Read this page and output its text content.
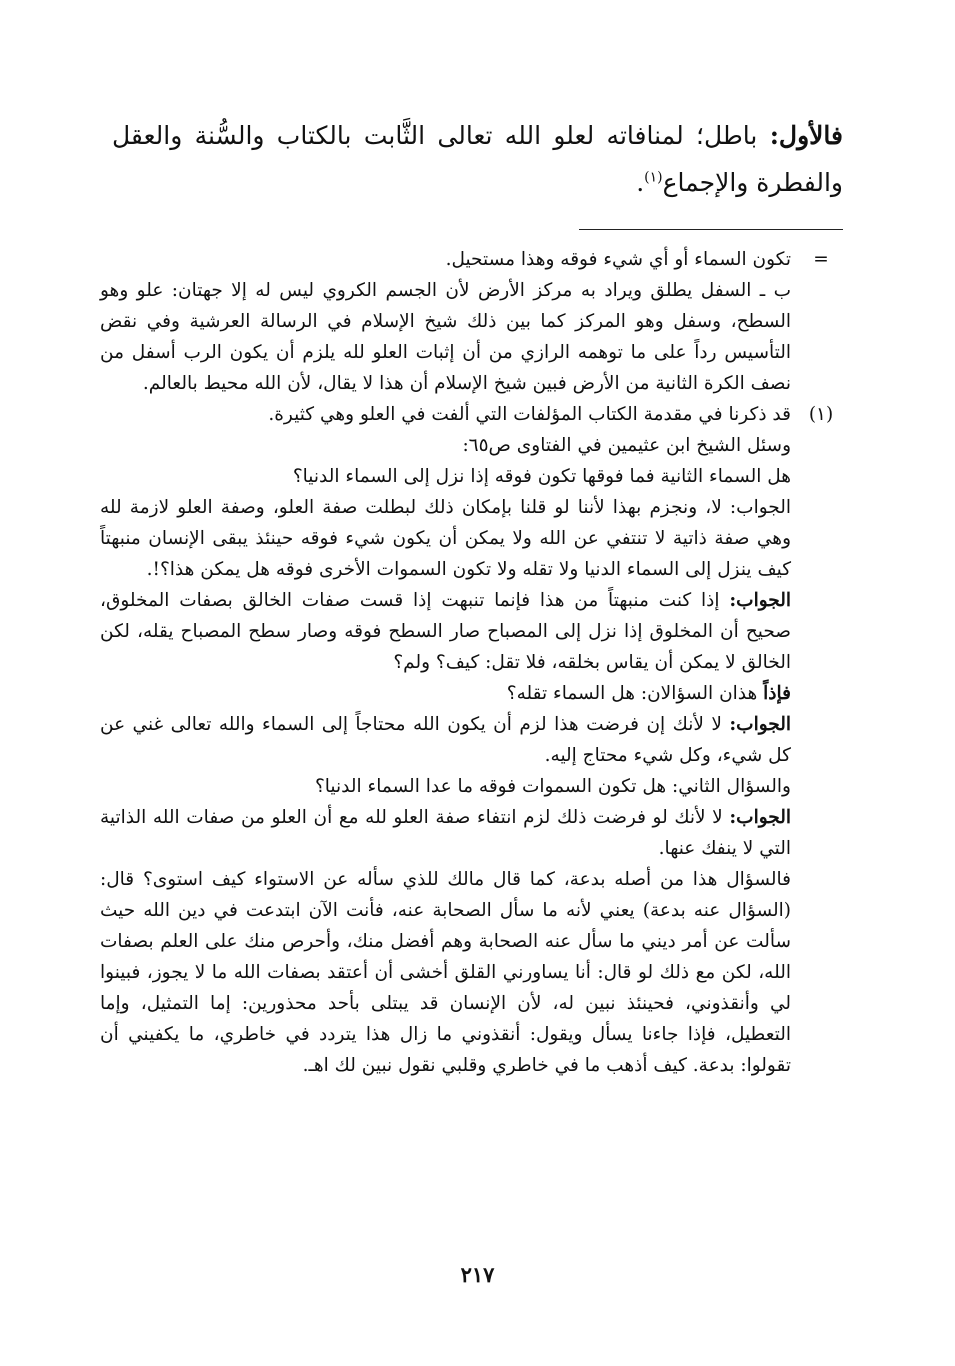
فالأول: باطل؛ لمنافاته لعلو الله تعالى الثَّابت بالكتاب والسُّنة والعقل والفطرة والإجماع$^{(١)}$.
=
تكون السماء أو أي شيء فوقه وهذا مستحيل.
ب ـ السفل يطلق ويراد به مركز الأرض لأن الجسم الكروي ليس له إلا جهتان: علو وهو السطح، وسفل وهو المركز كما بين ذلك شيخ الإسلام في الرسالة العرشية وفي نقض التأسيس رداً على ما توهمه الرازي من أن إثبات العلو لله يلزم أن يكون الرب أسفل من نصف الكرة الثانية من الأرض فبين شيخ الإسلام أن هذا لا يقال، لأن الله محيط بالعالم.
(١)
قد ذكرنا في مقدمة الكتاب المؤلفات التي ألفت في العلو وهي كثيرة.
وسئل الشيخ ابن عثيمين في الفتاوى ص٦٥:
هل السماء الثانية فما فوقها تكون فوقه إذا نزل إلى السماء الدنيا؟
الجواب: لا، ونجزم بهذا لأننا لو قلنا بإمكان ذلك لبطلت صفة العلو، وصفة العلو لازمة لله وهي صفة ذاتية لا تنتفي عن الله ولا يمكن أن يكون شيء فوقه حينئذ يبقى الإنسان منبهتاً كيف ينزل إلى السماء الدنيا ولا تقله ولا تكون السموات الأخرى فوقه هل يمكن هذا؟!.
الجواب: إذا كنت منبهتاً من هذا فإنما تنبهت إذا قست صفات الخالق بصفات المخلوق، صحيح أن المخلوق إذا نزل إلى المصباح صار السطح فوقه وصار سطح المصباح يقله، لكن الخالق لا يمكن أن يقاس بخلقه، فلا تقل: كيف؟ ولم؟
فإذاً هذان السؤالان: هل السماء تقله؟
الجواب: لا لأنك إن فرضت هذا لزم أن يكون الله محتاجاً إلى السماء والله تعالى غني عن كل شيء، وكل شيء محتاج إليه.
والسؤال الثاني: هل تكون السموات فوقه ما عدا السماء الدنيا؟
الجواب: لا لأنك لو فرضت ذلك لزم انتفاء صفة العلو لله مع أن العلو من صفات الله الذاتية التي لا ينفك عنها.
فالسؤال هذا من أصله بدعة، كما قال مالك للذي سأله عن الاستواء كيف استوى؟ قال: (السؤال عنه بدعة) يعني لأنه ما سأل الصحابة عنه، فأنت الآن ابتدعت في دين الله حيث سألت عن أمر ديني ما سأل عنه الصحابة وهم أفضل منك، وأحرص منك على العلم بصفات الله، لكن مع ذلك لو قال: أنا يساورني القلق أخشى أن أعتقد بصفات الله ما لا يجوز، فبينوا لي وأنقذوني، فحينئذ نبين له، لأن الإنسان قد يبتلى بأحد محذورين: إما التمثيل، وإما التعطيل، فإذا جاءنا يسأل ويقول: أنقذوني ما زال هذا يتردد في خاطري، ما يكفيني أن تقولوا: بدعة. كيف أذهب ما في خاطري وقلبي نقول نبين لك اهـ.
٢١٧
